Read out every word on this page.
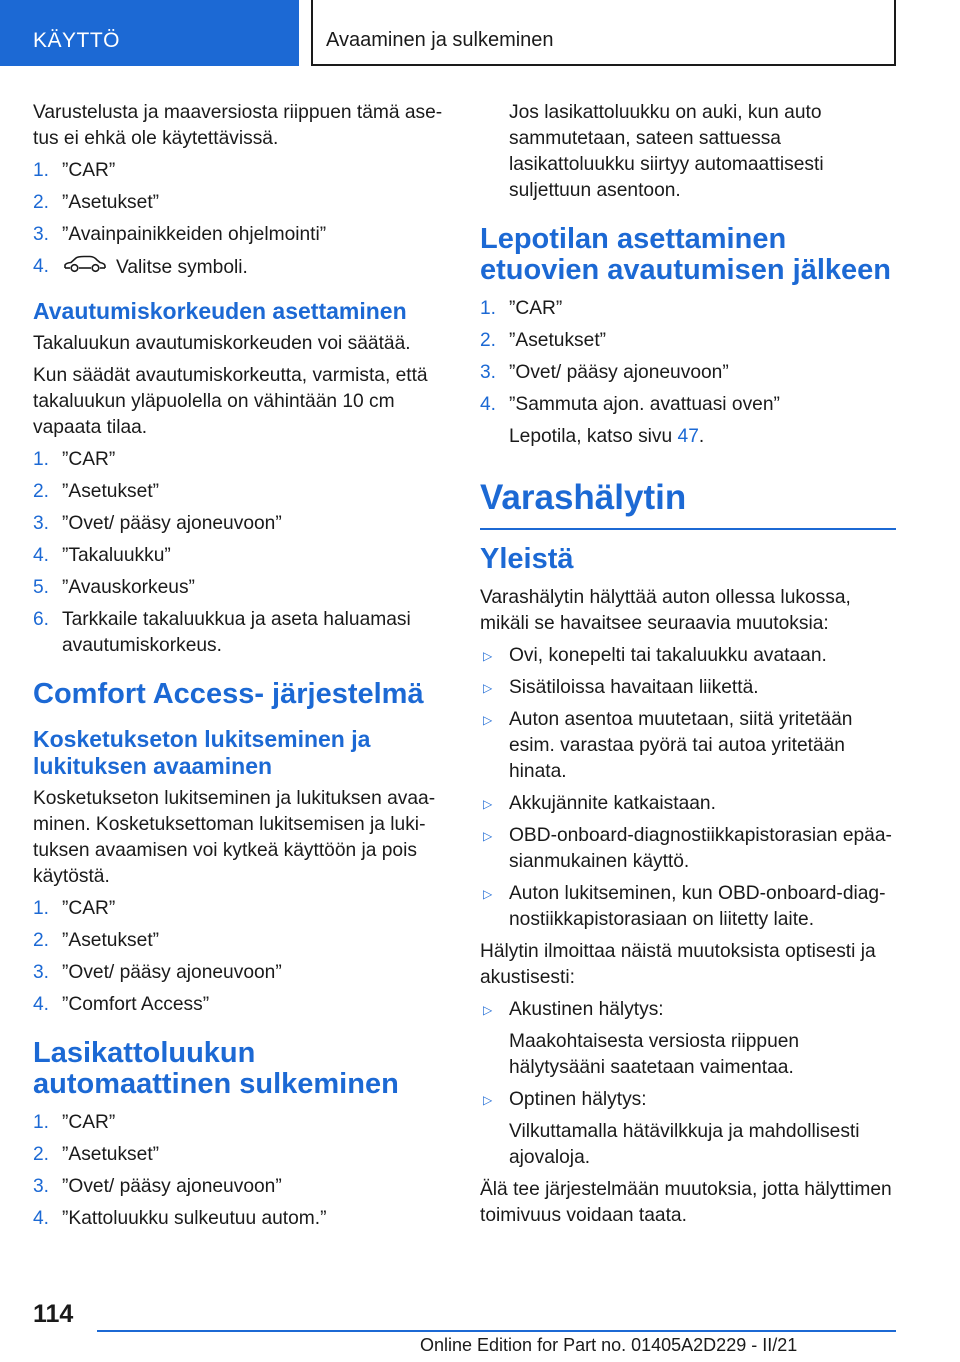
KÄYTTÖ	Avaaminen ja sulkeminen

Varustelusta ja maaversiosta riippuen tämä asetus ei ehkä ole käytettävissä.

1. ”CAR”
2. ”Asetukset”
3. ”Avainpainikkeiden ohjelmointi”
4.	Valitse symboli.
Avautumiskorkeuden asettaminen

Takaluukun avautumiskorkeuden voi säätää.

Kun säädät avautumiskorkeutta, varmista, että takaluukun yläpuolella on vähintään 10 cm vapaata tilaa.

1. ”CAR”
2. ”Asetukset”
3. ”Ovet/ pääsy ajoneuvoon”
4. ”Takaluukku”
5. ”Avauskorkeus”
6. Tarkkaile takaluukkua ja aseta haluamasi avautumiskorkeus.
Comfort Access- järjestelmä
Kosketukseton lukitseminen ja lukituksen avaaminen

Kosketukseton lukitseminen ja lukituksen avaaminen. Kosketuksettoman lukitsemisen ja lukituksen avaamisen voi kytkeä käyttöön ja pois käytöstä.

1. ”CAR”
2. ”Asetukset”
3. ”Ovet/ pääsy ajoneuvoon”
4. ”Comfort Access”
Lasikattoluukun automaattinen sulkeminen
1. ”CAR”
2. ”Asetukset”
3. ”Ovet/ pääsy ajoneuvoon”
4. ”Kattoluukku sulkeutuu autom.”

Jos lasikattoluukku on auki, kun auto sammutetaan, sateen sattuessa lasikattoluukku siirtyy automaattisesti suljettuun asentoon.

Lepotilan asettaminen etuovien avautumisen jälkeen
1. ”CAR”
2. ”Asetukset”
3. ”Ovet/ pääsy ajoneuvoon”
4. ”Sammuta ajon. avattuasi oven”

Lepotila, katso sivu 47.

Varashälytin
Yleistä

Varashälytin hälyttää auton ollessa lukossa, mikäli se havaitsee seuraavia muutoksia:

▷ Ovi, konepelti tai takaluukku avataan.
▷ Sisätiloissa havaitaan liikettä.
▷ Auton asentoa muutetaan, siitä yritetään esim. varastaa pyörä tai autoa yritetään hinata.
▷ Akkujännite katkaistaan.
▷ OBD-onboard-diagnostiikkapistorasian epäasianmukainen käyttö.
▷ Auton lukitseminen, kun OBD-onboard-diagnostiikkapistorasiaan on liitetty laite.

Hälytin ilmoittaa näistä muutoksista optisesti ja akustisesti:

▷ Akustinen hälytys:

Maakohtaisesta versiosta riippuen hälytysääni saatetaan vaimentaa.

▷ Optinen hälytys:

Vilkuttamalla hätävilkkuja ja mahdollisesti ajovaloja.

Älä tee järjestelmään muutoksia, jotta hälyttimen toimivuus voidaan taata.

114
Online Edition for Part no. 01405A2D229 - II/21
